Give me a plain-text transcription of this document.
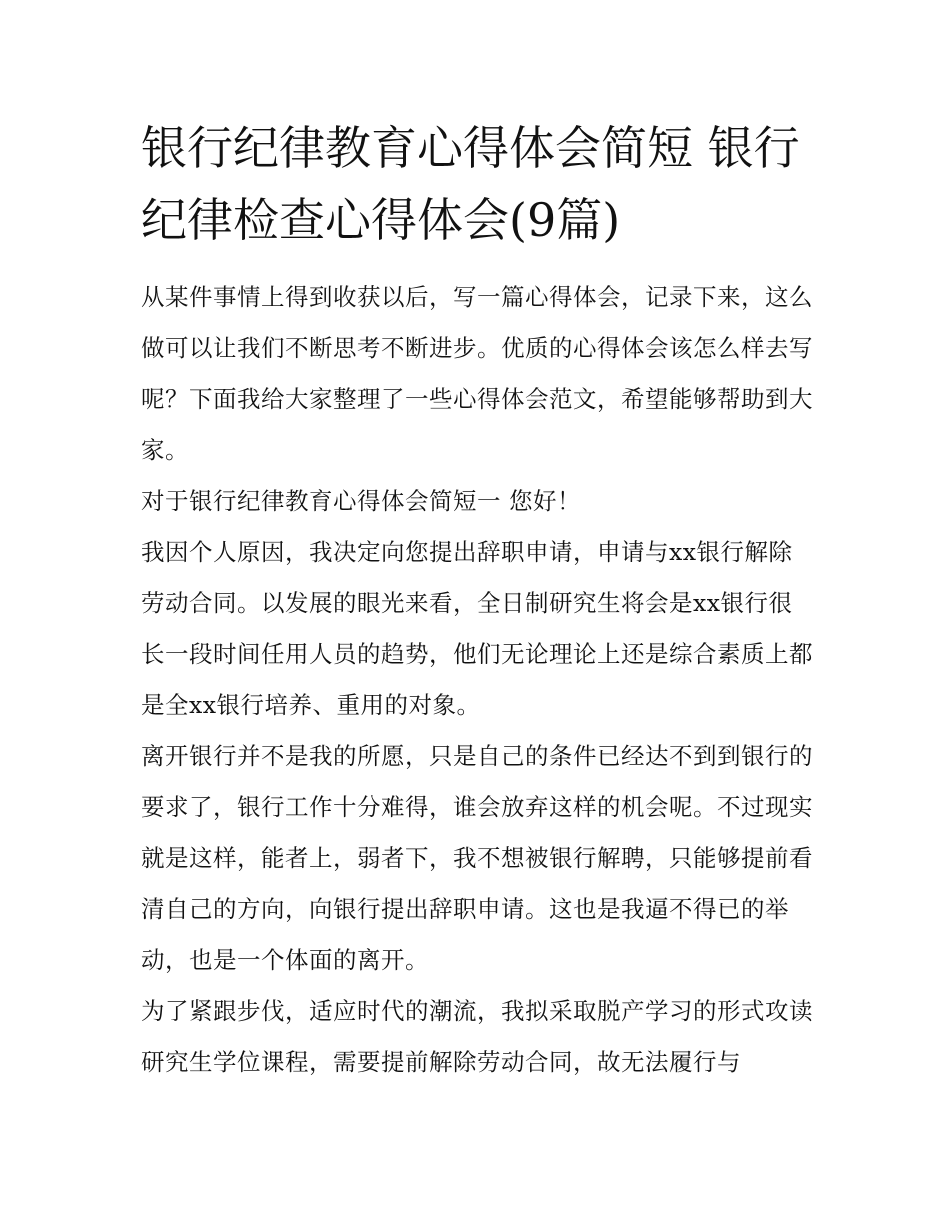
银行纪律教育心得体会简短 银行纪律检查心得体会(9篇)

从某件事情上得到收获以后，写一篇心得体会，记录下来，这么做可以让我们不断思考不断进步。优质的心得体会该怎么样去写呢？下面我给大家整理了一些心得体会范文，希望能够帮助到大家。

对于银行纪律教育心得体会简短一 您好！

我因个人原因，我决定向您提出辞职申请，申请与xx银行解除劳动合同。以发展的眼光来看，全日制研究生将会是xx银行很长一段时间任用人员的趋势，他们无论理论上还是综合素质上都是全xx银行培养、重用的对象。

离开银行并不是我的所愿，只是自己的条件已经达不到到银行的要求了，银行工作十分难得，谁会放弃这样的机会呢。不过现实就是这样，能者上，弱者下，我不想被银行解聘，只能够提前看清自己的方向，向银行提出辞职申请。这也是我逼不得已的举动，也是一个体面的离开。

为了紧跟步伐，适应时代的潮流，我拟采取脱产学习的形式攻读研究生学位课程，需要提前解除劳动合同，故无法履行与
